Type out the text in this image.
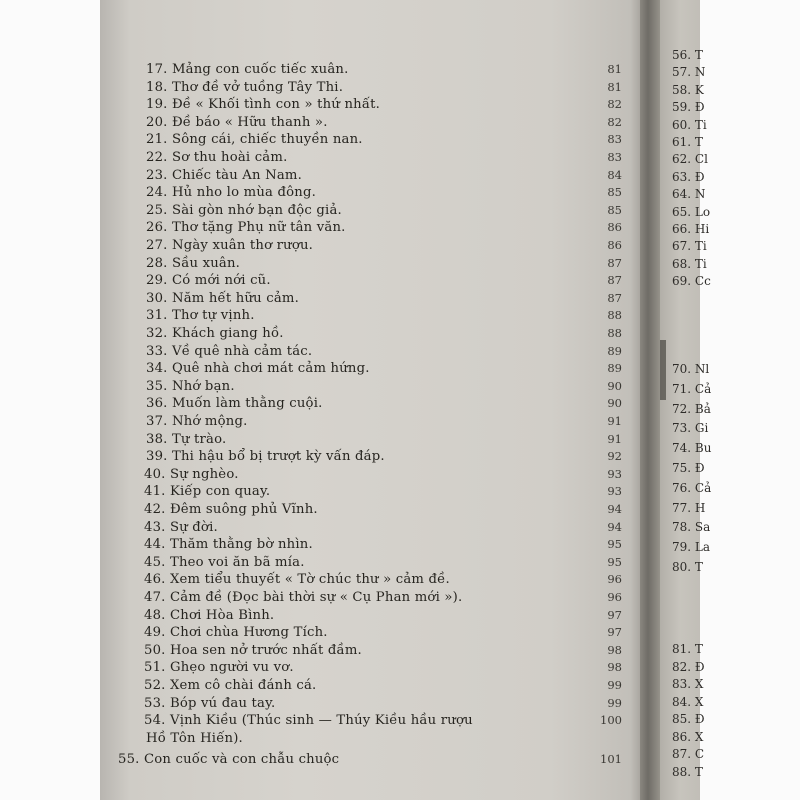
17. Mảng con cuốc tiếc xuân.	81
18. Thơ đề vở tuồng Tây Thi.	81
19. Đề « Khối tình con » thứ nhất.	82
20. Đề báo « Hữu thanh ».	82
21. Sông cái, chiếc thuyền nan.	83
22. Sơ thu hoài cảm.	83
23. Chiếc tàu An Nam.	84
24. Hủ nho lo mùa đông.	85
25. Sài gòn nhớ bạn độc giả.	85
26. Thơ tặng Phụ nữ tân văn.	86
27. Ngày xuân thơ rượu.	86
28. Sầu xuân.	87
29. Có mới nới cũ.	87
30. Năm hết hữu cảm.	87
31. Thơ tự vịnh.	88
32. Khách giang hồ.	88
33. Về quê nhà cảm tác.	89
34. Quê nhà chơi mát cảm hứng.	89
35. Nhớ bạn.	90
36. Muốn làm thằng cuội.	90
37. Nhớ mộng.	91
38. Tự trào.	91
39. Thi hậu bổ bị trượt kỳ vấn đáp.	92
40. Sự nghèo.	93
41. Kiếp con quay.	93
42. Đêm suông phủ Vĩnh.	94
43. Sự đời.	94
44. Thăm thằng bờ nhìn.	95
45. Theo voi ăn bã mía.	95
46. Xem tiểu thuyết « Tờ chúc thư » cảm đề.	96
47. Cảm đề (Đọc bài thời sự « Cụ Phan mới »).	96
48. Chơi Hòa Bình.	97
49. Chơi chùa Hương Tích.	97
50. Hoa sen nở trước nhất đầm.	98
51. Ghẹo người vu vơ.	98
52. Xem cô chài đánh cá.	99
53. Bóp vú đau tay.	99
54. Vịnh Kiều (Thúc sinh — Thúy Kiều hầu rượu	100
Hồ Tôn Hiến).
55. Con cuốc và con chẫu chuộc	101
56. T
57. N
58. K
59. Đ
60. Ti
61. T
62. Cl
63. Đ
64. N
65. Lo
66. Hi
67. Ti
68. Ti
69. Cc
70. Nl
71. Cả
72. Bả
73. Gi
74. Bu
75. Đ
76. Cả
77. H
78. Sa
79. La
80. T
81. T
82. Đ
83. X
84. X
85. Đ
86. X
87. C
88. T
